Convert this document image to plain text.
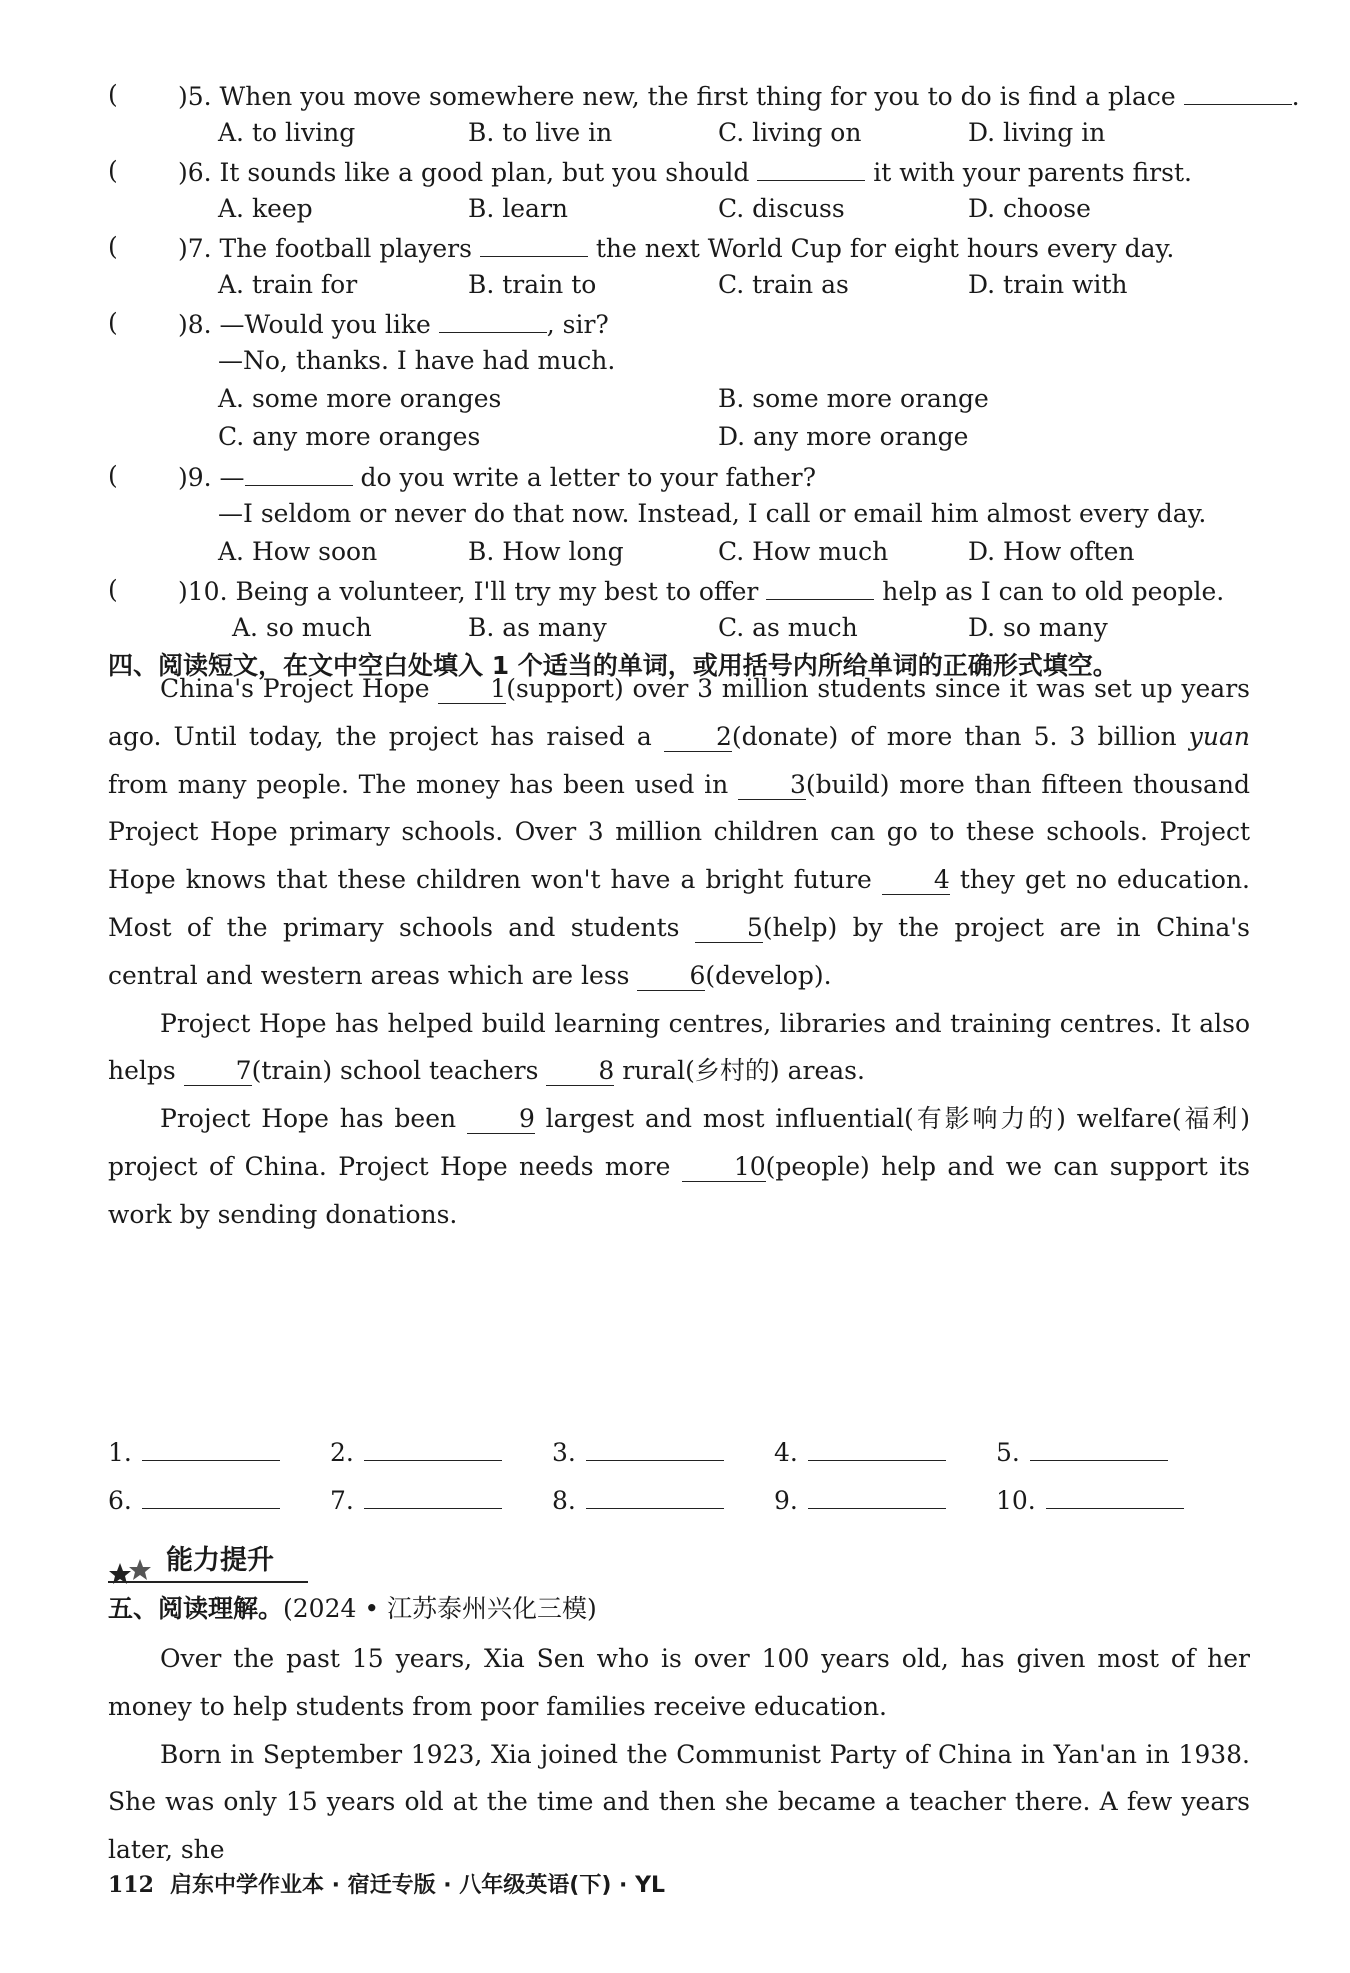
( )5. When you move somewhere new, the first thing for you to do is find a place	.
A. to living	B. to live in	C. living on	D. living in
( )6. It sounds like a good plan, but you should	it with your parents first.
A. keep	B. learn	C. discuss	D. choose
( )7. The football players	the next World Cup for eight hours every day.
A. train for	B. train to	C. train as	D. train with
( )8. —Would you like	, sir?
—No, thanks. I have had much.
A. some more oranges	B. some more orange
C. any more oranges	D. any more orange
( )9. —	do you write a letter to your father?
—I seldom or never do that now. Instead, I call or email him almost every day.
A. How soon	B. How long	C. How much	D. How often
( )10. Being a volunteer, I'll try my best to offer	help as I can to old people.
A. so much	B. as many	C. as much	D. so many
四、阅读短文，在文中空白处填入 1 个适当的单词，或用括号内所给单词的正确形式填空。

China's Project Hope 1(support) over 3 million students since it was set up years ago. Until today, the project has raised a 2(donate) of more than 5. 3 billion yuan from many people. The money has been used in 3(build) more than fifteen thousand Project Hope primary schools. Over 3 million children can go to these schools. Project Hope knows that these children won't have a bright future 4 they get no education. Most of the primary schools and students 5(help) by the project are in China's central and western areas which are less 6(develop).

Project Hope has helped build learning centres, libraries and training centres. It also helps 7(train) school teachers 8 rural(乡村的) areas.

Project Hope has been 9 largest and most influential(有影响力的) welfare(福利) project of China. Project Hope needs more 10(people) help and we can support its work by sending donations.

1.	2.	3.	4.	5.
6.	7.	8.	9.	10.
能力提升
五、阅读理解。(2024 • 江苏泰州兴化三模)

Over the past 15 years, Xia Sen who is over 100 years old, has given most of her money to help students from poor families receive education.

Born in September 1923, Xia joined the Communist Party of China in Yan'an in 1938. She was only 15 years old at the time and then she became a teacher there. A few years later, she

112 启东中学作业本 · 宿迁专版 · 八年级英语(下) · YL
